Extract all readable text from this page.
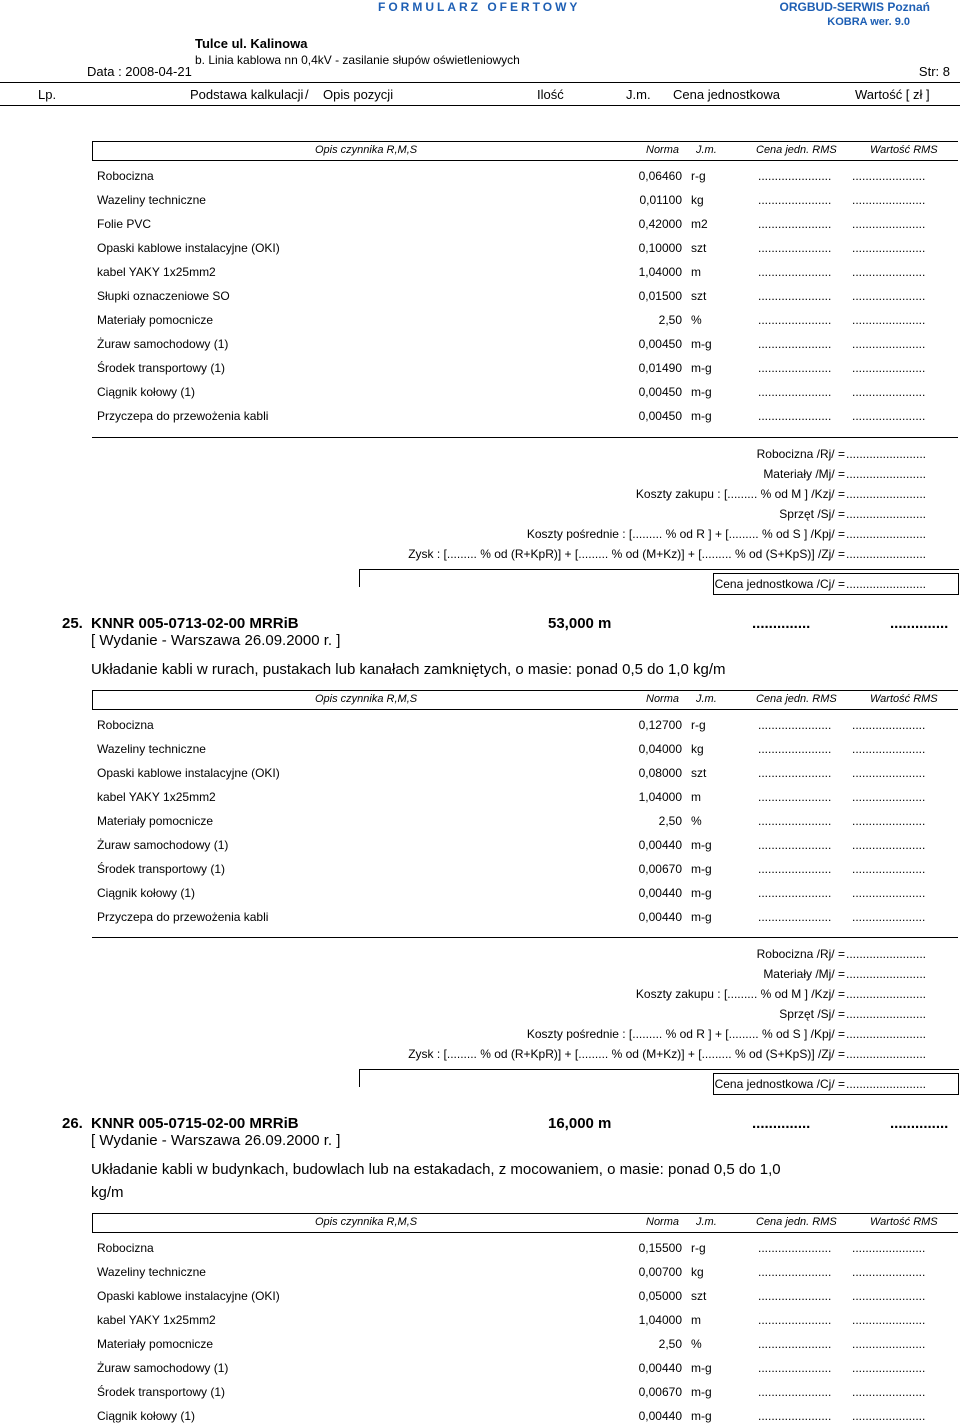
FORMULARZ OFERTOWY	ORGBUD-SERWIS Poznań
KOBRA wer. 9.0
Tulce ul. Kalinowa
b. Linia kablowa nn 0,4kV - zasilanie słupów oświetleniowych
Data : 2008-04-21	Str: 8
Lp.	Podstawa kalkulacji / Opis pozycji	Ilość	J.m. Cena jednostkowa	Wartość [ zł ]
Opis czynnika R,M,S	Norma J.m.	Cena jedn. RMS	Wartość RMS
Robocizna	0,06460 r-g	...................... ......................
Wazeliny techniczne	0,01100 kg	...................... ......................
Folie PVC	0,42000 m2	...................... ......................
Opaski kablowe instalacyjne (OKI)	0,10000 szt	...................... ......................
kabel YAKY 1x25mm2	1,04000 m	...................... ......................
Słupki oznaczeniowe SO	0,01500 szt	...................... ......................
Materiały pomocnicze	2,50 %	...................... ......................
Żuraw samochodowy (1)	0,00450 m-g	...................... ......................
Środek transportowy (1)	0,01490 m-g	...................... ......................
Ciągnik kołowy (1)	0,00450 m-g	...................... ......................
Przyczepa do przewożenia kabli	0,00450 m-g	...................... ......................
Robocizna /Rj/ = ........................
Materiały /Mj/ = ........................
Koszty zakupu : [......... % od M ] /Kzj/ = ........................
Sprzęt /Sj/ = ........................
Koszty pośrednie : [......... % od R ] + [......... % od S ] /Kpj/ = ........................
Zysk : [......... % od (R+KpR)] + [......... % od (M+Kz)] + [......... % od (S+KpS)] /Zj/ = ........................
Cena jednostkowa /Cj/ = ........................
25. KNNR 005-0713-02-00 MRRiB	53,000 m	..............	..............
[ Wydanie - Warszawa 26.09.2000 r. ]
Układanie kabli w rurach, pustakach lub kanałach zamkniętych, o masie: ponad 0,5 do 1,0 kg/m
Opis czynnika R,M,S	Norma J.m.	Cena jedn. RMS	Wartość RMS
Robocizna	0,12700 r-g	...................... ......................
Wazeliny techniczne	0,04000 kg	...................... ......................
Opaski kablowe instalacyjne (OKI)	0,08000 szt	...................... ......................
kabel YAKY 1x25mm2	1,04000 m	...................... ......................
Materiały pomocnicze	2,50 %	...................... ......................
Żuraw samochodowy (1)	0,00440 m-g	...................... ......................
Środek transportowy (1)	0,00670 m-g	...................... ......................
Ciągnik kołowy (1)	0,00440 m-g	...................... ......................
Przyczepa do przewożenia kabli	0,00440 m-g	...................... ......................
Robocizna /Rj/ = ........................
Materiały /Mj/ = ........................
Koszty zakupu : [......... % od M ] /Kzj/ = ........................
Sprzęt /Sj/ = ........................
Koszty pośrednie : [......... % od R ] + [......... % od S ] /Kpj/ = ........................
Zysk : [......... % od (R+KpR)] + [......... % od (M+Kz)] + [......... % od (S+KpS)] /Zj/ = ........................
Cena jednostkowa /Cj/ = ........................
26. KNNR 005-0715-02-00 MRRiB	16,000 m	..............	..............
[ Wydanie - Warszawa 26.09.2000 r. ]
Układanie kabli w budynkach, budowlach lub na estakadach, z mocowaniem, o masie: ponad 0,5 do 1,0
kg/m
Opis czynnika R,M,S	Norma J.m.	Cena jedn. RMS	Wartość RMS
Robocizna	0,15500 r-g	...................... ......................
Wazeliny techniczne	0,00700 kg	...................... ......................
Opaski kablowe instalacyjne (OKI)	0,05000 szt	...................... ......................
kabel YAKY 1x25mm2	1,04000 m	...................... ......................
Materiały pomocnicze	2,50 %	...................... ......................
Żuraw samochodowy (1)	0,00440 m-g	...................... ......................
Środek transportowy (1)	0,00670 m-g	...................... ......................
Ciągnik kołowy (1)	0,00440 m-g	...................... ......................
